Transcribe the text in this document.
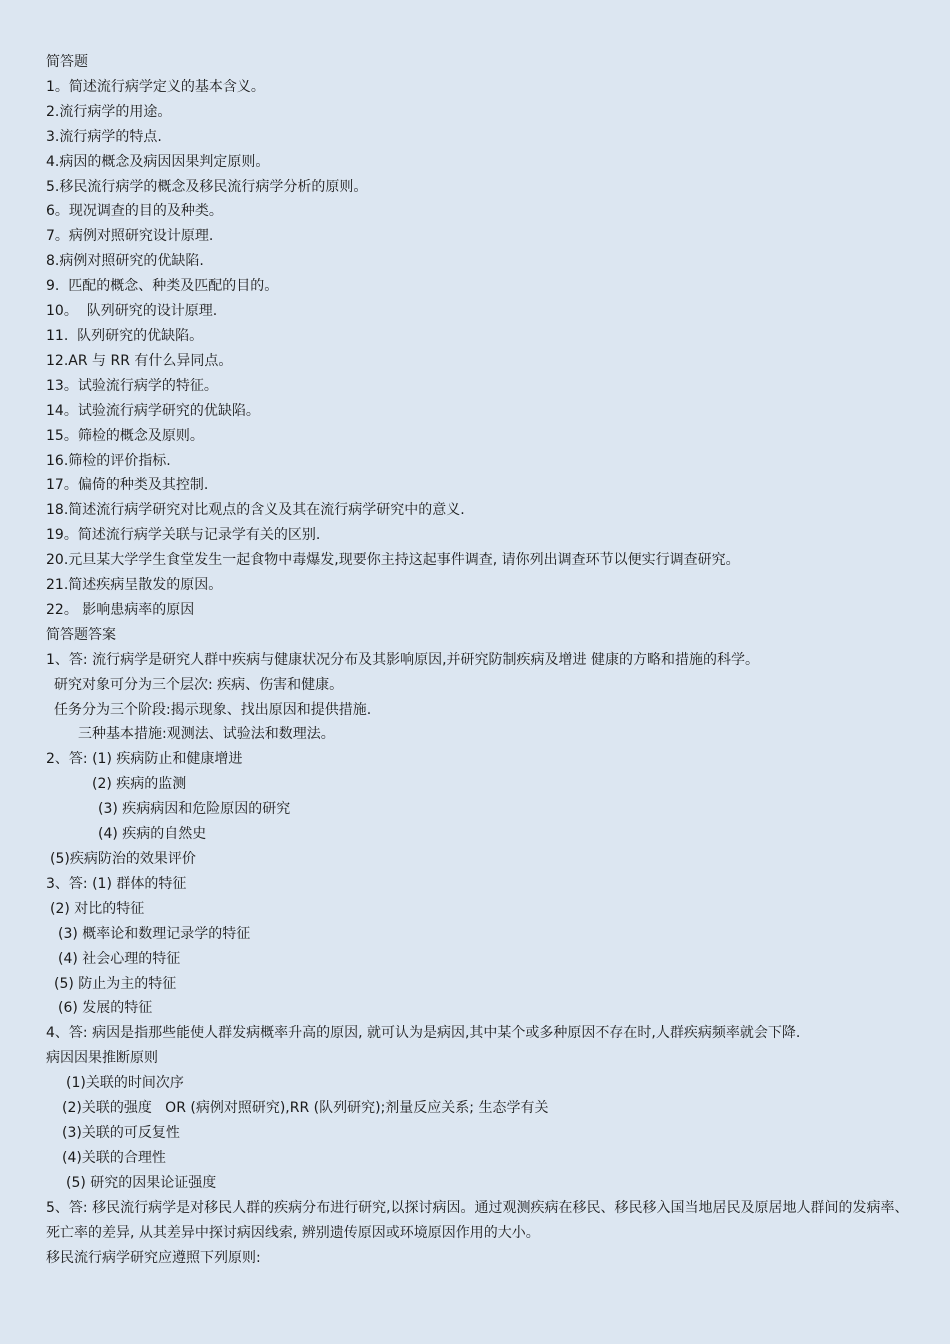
简答题
1。简述流行病学定义的基本含义。
2.流行病学的用途。
3.流行病学的特点.
4.病因的概念及病因因果判定原则。
5.移民流行病学的概念及移民流行病学分析的原则。
6。现况调查的目的及种类。
7。病例对照研究设计原理.
8.病例对照研究的优缺陷.
9.  匹配的概念、种类及匹配的目的。
10。  队列研究的设计原理.
11.  队列研究的优缺陷。
12.AR 与 RR 有什么异同点。
13。试验流行病学的特征。
14。试验流行病学研究的优缺陷。
15。筛检的概念及原则。
16.筛检的评价指标.
17。偏倚的种类及其控制.
18.简述流行病学研究对比观点的含义及其在流行病学研究中的意义.
19。简述流行病学关联与记录学有关的区别.
20.元旦某大学学生食堂发生一起食物中毒爆发,现要你主持这起事件调查, 请你列出调查环节以便实行调查研究。
21.简述疾病呈散发的原因。
22。 影响患病率的原因
简答题答案
1、答: 流行病学是研究人群中疾病与健康状况分布及其影响原因,并研究防制疾病及增进 健康的方略和措施的科学。
研究对象可分为三个层次: 疾病、伤害和健康。
任务分为三个阶段:揭示现象、找出原因和提供措施.
三种基本措施:观测法、试验法和数理法。
2、答: (1) 疾病防止和健康增进
(2) 疾病的监测
(3) 疾病病因和危险原因的研究
(4) 疾病的自然史
(5)疾病防治的效果评价
3、答: (1) 群体的特征
(2) 对比的特征
(3) 概率论和数理记录学的特征
(4) 社会心理的特征
(5) 防止为主的特征
(6) 发展的特征
4、答: 病因是指那些能使人群发病概率升高的原因, 就可认为是病因,其中某个或多种原因不存在时,人群疾病频率就会下降.
病因因果推断原则
(1)关联的时间次序
(2)关联的强度   OR (病例对照研究),RR (队列研究);剂量反应关系; 生态学有关
(3)关联的可反复性
(4)关联的合理性
(5) 研究的因果论证强度
5、答: 移民流行病学是对移民人群的疾病分布进行研究,以探讨病因。通过观测疾病在移民、移民移入国当地居民及原居地人群间的发病率、死亡率的差异, 从其差异中探讨病因线索, 辨别遗传原因或环境原因作用的大小。
移民流行病学研究应遵照下列原则:
